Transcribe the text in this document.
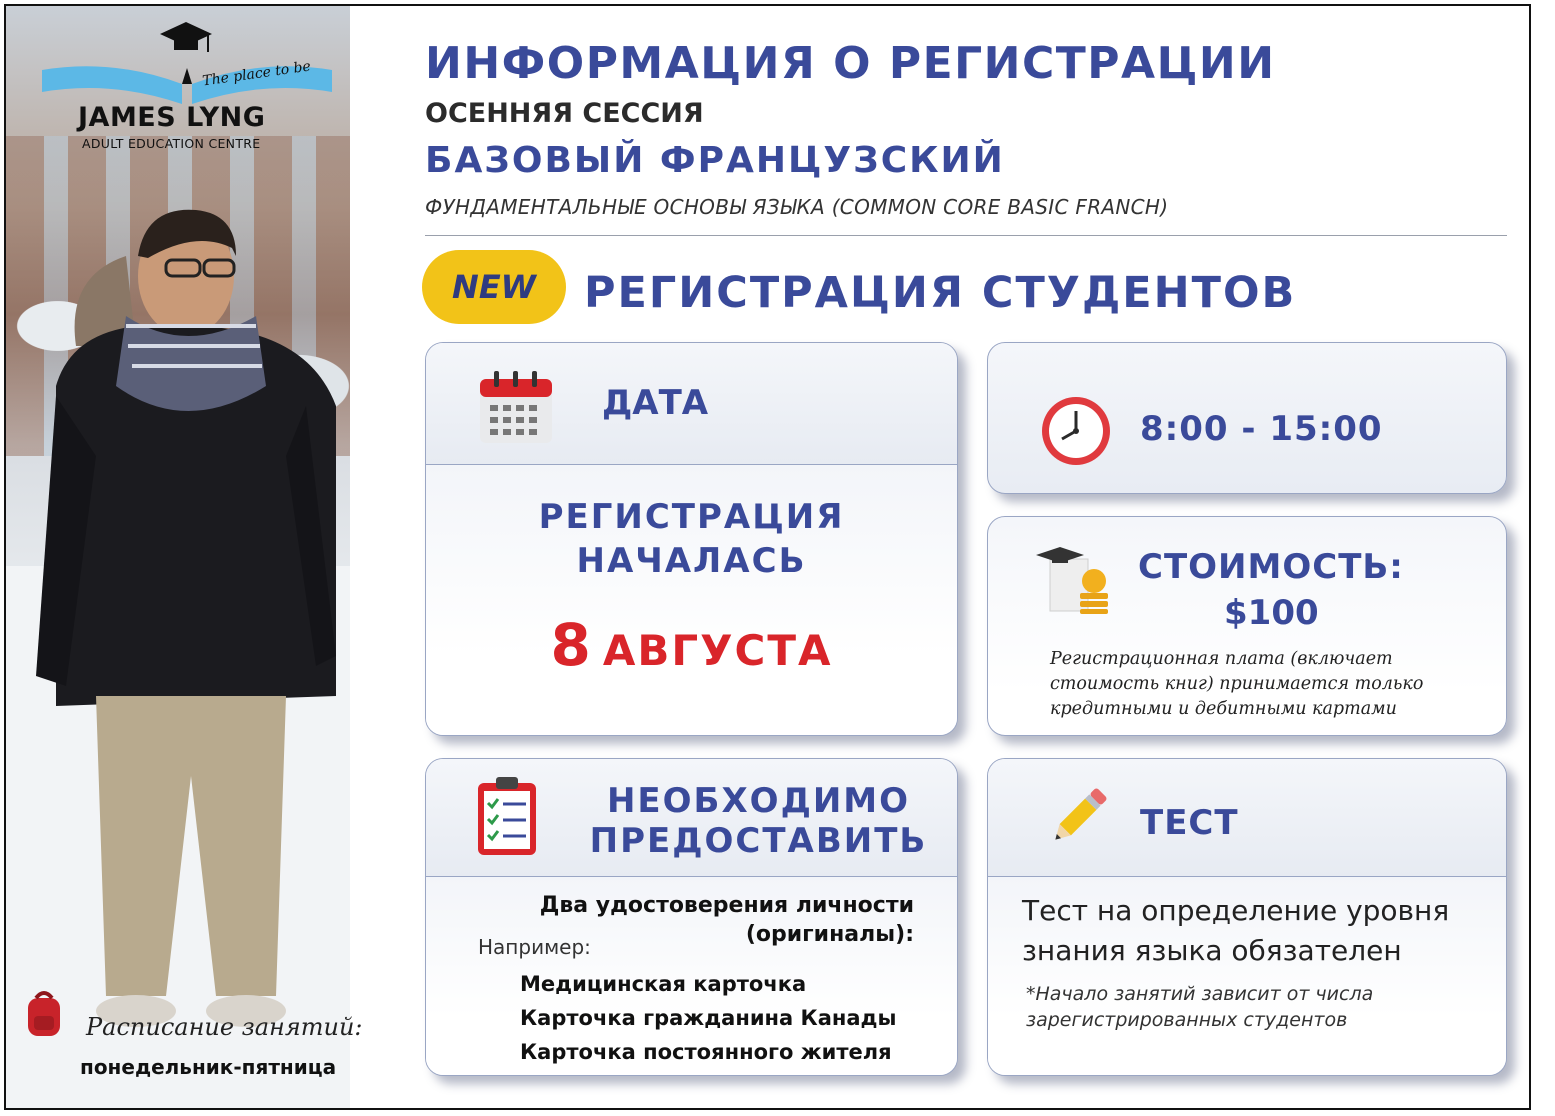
The place to be
JAMES LYNG
ADULT EDUCATION CENTRE
Расписание занятий:
понедельник-пятница
ИНФОРМАЦИЯ О РЕГИСТРАЦИИ
ОСЕННЯЯ СЕССИЯ
БАЗОВЫЙ ФРАНЦУЗСКИЙ
ФУНДАМЕНТАЛЬНЫЕ ОСНОВЫ ЯЗЫКА (COMMON CORE BASIC FRANCH)
NEW	РЕГИСТРАЦИЯ СТУДЕНТОВ
ДАТА
РЕГИСТРАЦИЯ
НАЧАЛАСЬ
8 АВГУСТА
8:00 - 15:00
СТОИМОСТЬ:
$100
Регистрационная плата (включает стоимость книг) принимается только кредитными и дебитными картами
НЕОБХОДИМО
ПРЕДОСТАВИТЬ
Два удостоверения личности
(оригиналы):
Например:
Медицинская карточка
Карточка гражданина Канады
Карточка постоянного жителя
ТЕСТ
Тест на определение уровня знания языка обязателен
*Начало занятий зависит от числа зарегистрированных студентов
